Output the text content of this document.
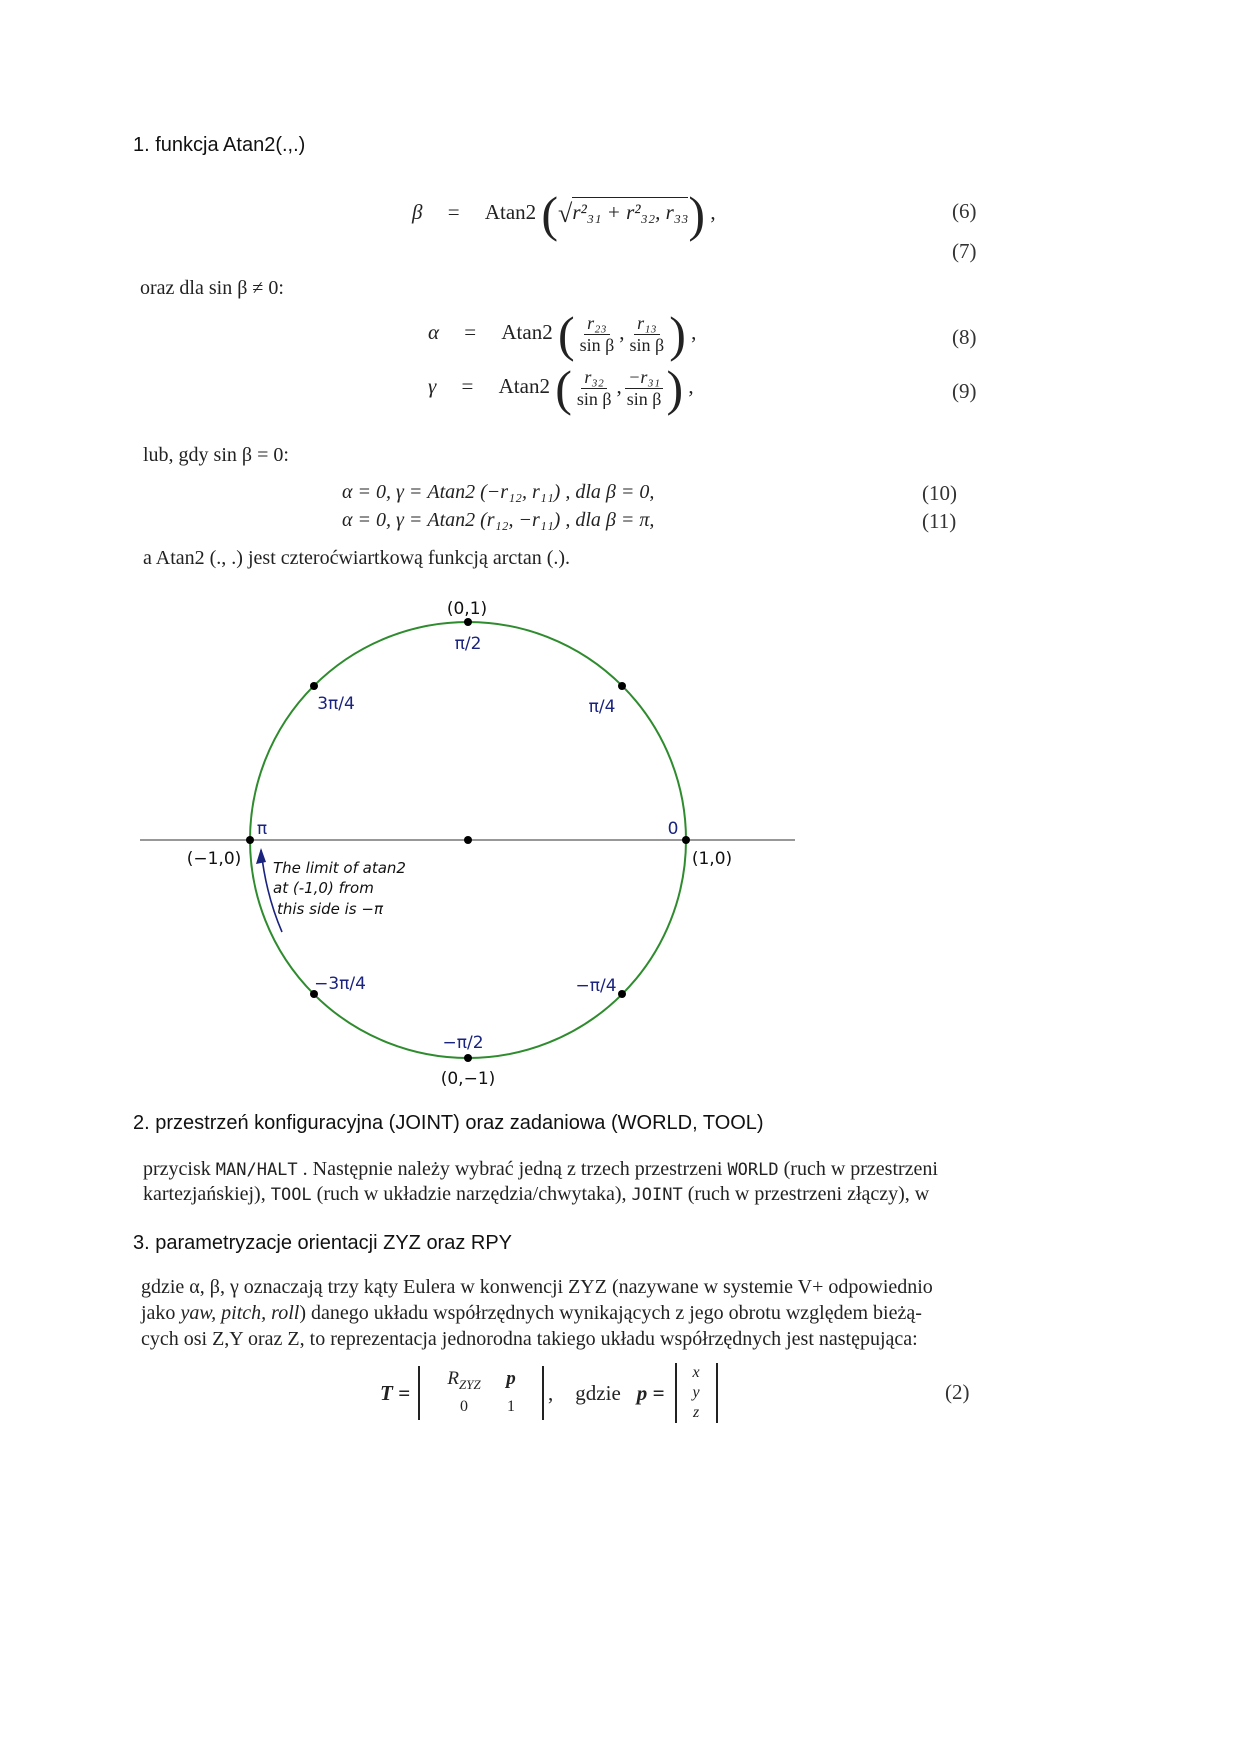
1. funkcja Atan2(.,.)
β = Atan2 (√r²₃₁ + r²₃₂, r₃₃) ,	(6)
(7)
oraz dla sin β ≠ 0:
α = Atan2 ( $\frac{\text{r₂₃}}{\text{sin β}}$ , $\frac{\text{r₁₃}}{\text{sin β}}$ ) ,	(8)
γ = Atan2 ( $\frac{\text{r₃₂}}{\text{sin β}}$ , $\frac{\text{−r₃₁}}{\text{sin β}}$ ) ,	(9)
lub, gdy sin β = 0:
α = 0, γ = Atan2 (−r₁₂, r₁₁) , dla β = 0,	(10)
α = 0, γ = Atan2 (r₁₂, −r₁₁) , dla β = π,	(11)
a Atan2 (., .) jest czteroćwiartkową funkcją arctan (.).
(0,1)
(−1,0)	(1,0)
(0,−1)
π/2
3π/4	π/4
π	0
−3π/4	−π/4
−π/2
The limit of atan2
at (-1,0) from
this side is −π
2. przestrzeń konfiguracyjna (JOINT) oraz zadaniowa (WORLD, TOOL)
przycisk MAN/HALT . Następnie należy wybrać jedną z trzech przestrzeni WORLD (ruch w przestrzeni
kartezjańskiej), TOOL (ruch w układzie narzędzia/chwytaka), JOINT (ruch w przestrzeni złączy), w
3. parametryzacje orientacji ZYZ oraz RPY
gdzie α, β, γ oznaczają trzy kąty Eulera w konwencji ZYZ (nazywane w systemie V+ odpowiednio
jako yaw, pitch, roll) danego układu współrzędnych wynikających z jego obrotu względem bieżą-
cych osi Z,Y oraz Z, to reprezentacja jednorodna takiego układu współrzędnych jest następująca:
T =
$R_{ZYZ}$	p
0	1
, gdzie p =
x
y
z
(2)
